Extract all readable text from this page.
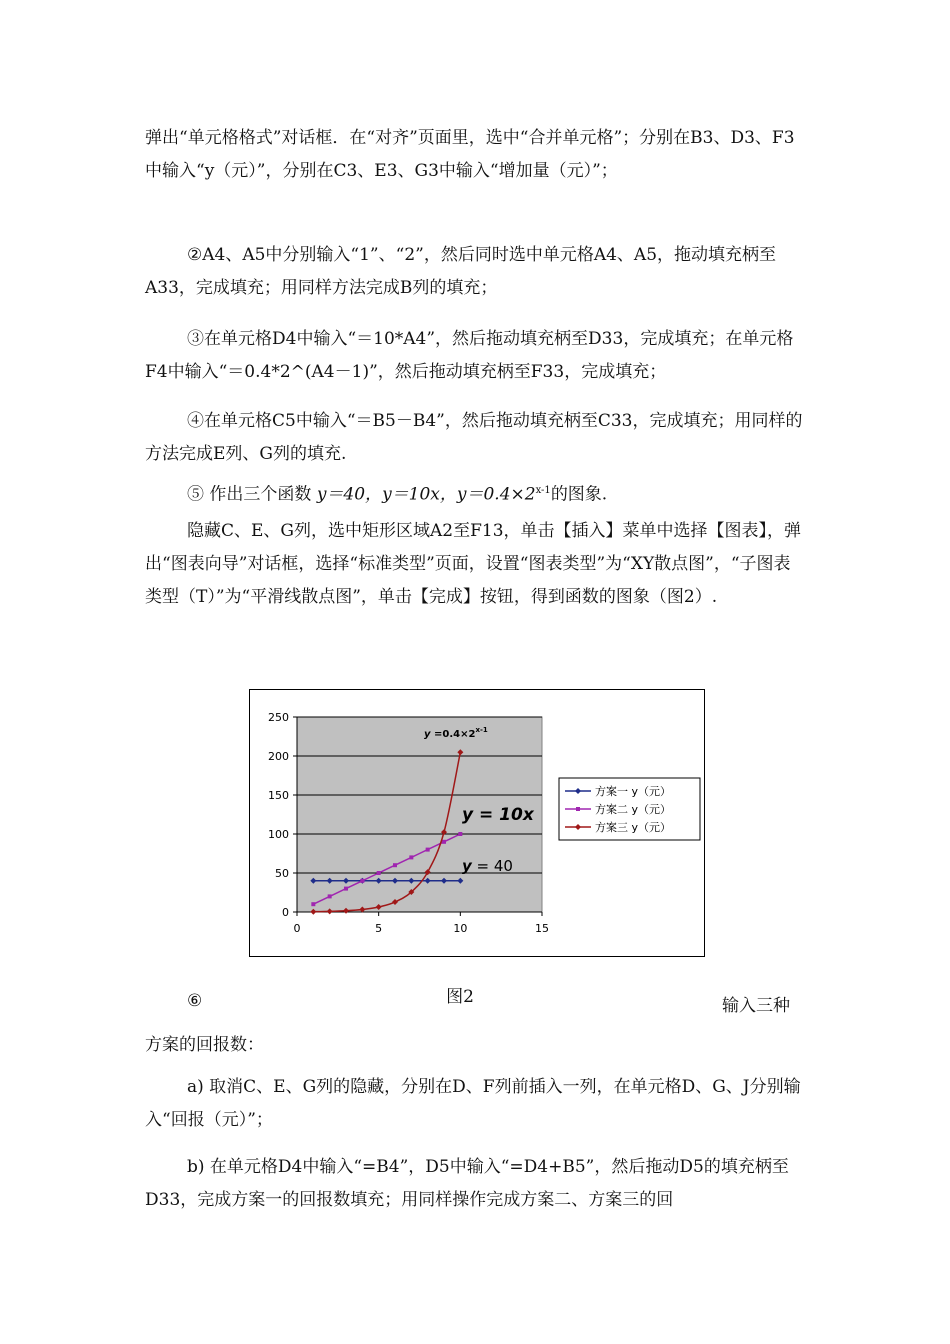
弹出“单元格格式”对话框．在“对齐”页面里，选中“合并单元格”；分别在B3、D3、F3中输入“y（元）”，分别在C3、E3、G3中输入“增加量（元）”；

②A4、A5中分别输入“1”、“2”，然后同时选中单元格A4、A5，拖动填充柄至A33，完成填充；用同样方法完成B列的填充；

③在单元格D4中输入“＝10*A4”，然后拖动填充柄至D33，完成填充；在单元格F4中输入“＝0.4*2^(A4－1)”，然后拖动填充柄至F33，完成填充；

④在单元格C5中输入“＝B5－B4”，然后拖动填充柄至C33，完成填充；用同样的方法完成E列、G列的填充.

⑤ 作出三个函数 y＝40，y＝10x，$y=0.4\times 2^{x-1}$的图象.

隐藏C、E、G列，选中矩形区域A2至F13，单击【插入】菜单中选择【图表】，弹出“图表向导”对话框，选择“标准类型”页面，设置“图表类型”为“XY散点图”，“子图表类型（T）”为“平滑线散点图”，单击【完成】按钮，得到函数的图象（图2）.

0
50
100
150
200
250
0	5	10	15
方案一 y（元）
方案二 y（元）
方案三 y（元）
$y =0.4\times 2^{x-1}$
y = 10x
y = 40
图2
⑥	输入三种

方案的回报数：

a) 取消C、E、G列的隐藏，分别在D、F列前插入一列，在单元格D、G、J分别输入“回报（元）”；

b) 在单元格D4中输入“=B4”，D5中输入“=D4+B5”，然后拖动D5的填充柄至D33，完成方案一的回报数填充；用同样操作完成方案二、方案三的回
